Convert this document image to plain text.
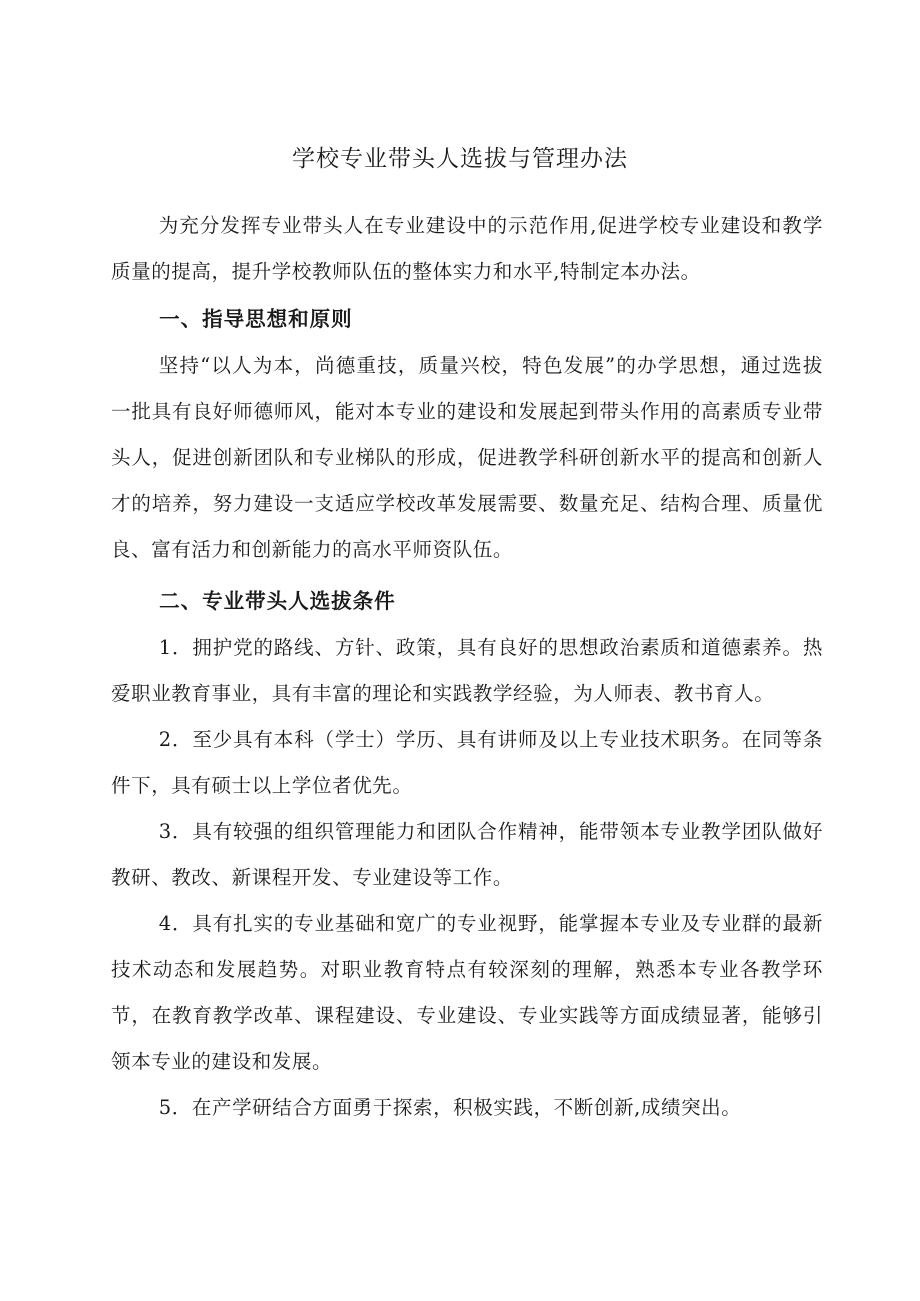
学校专业带头人选拔与管理办法

为充分发挥专业带头人在专业建设中的示范作用,促进学校专业建设和教学质量的提高，提升学校教师队伍的整体实力和水平,特制定本办法。

一、指导思想和原则

坚持“以人为本，尚德重技，质量兴校，特色发展”的办学思想，通过选拔一批具有良好师德师风，能对本专业的建设和发展起到带头作用的高素质专业带头人，促进创新团队和专业梯队的形成，促进教学科研创新水平的提高和创新人才的培养，努力建设一支适应学校改革发展需要、数量充足、结构合理、质量优良、富有活力和创新能力的高水平师资队伍。

二、专业带头人选拔条件

1．拥护党的路线、方针、政策，具有良好的思想政治素质和道德素养。热爱职业教育事业，具有丰富的理论和实践教学经验，为人师表、教书育人。

2．至少具有本科（学士）学历、具有讲师及以上专业技术职务。在同等条件下，具有硕士以上学位者优先。

3．具有较强的组织管理能力和团队合作精神，能带领本专业教学团队做好教研、教改、新课程开发、专业建设等工作。

4．具有扎实的专业基础和宽广的专业视野，能掌握本专业及专业群的最新技术动态和发展趋势。对职业教育特点有较深刻的理解，熟悉本专业各教学环节，在教育教学改革、课程建设、专业建设、专业实践等方面成绩显著，能够引领本专业的建设和发展。

5．在产学研结合方面勇于探索，积极实践，不断创新,成绩突出。
